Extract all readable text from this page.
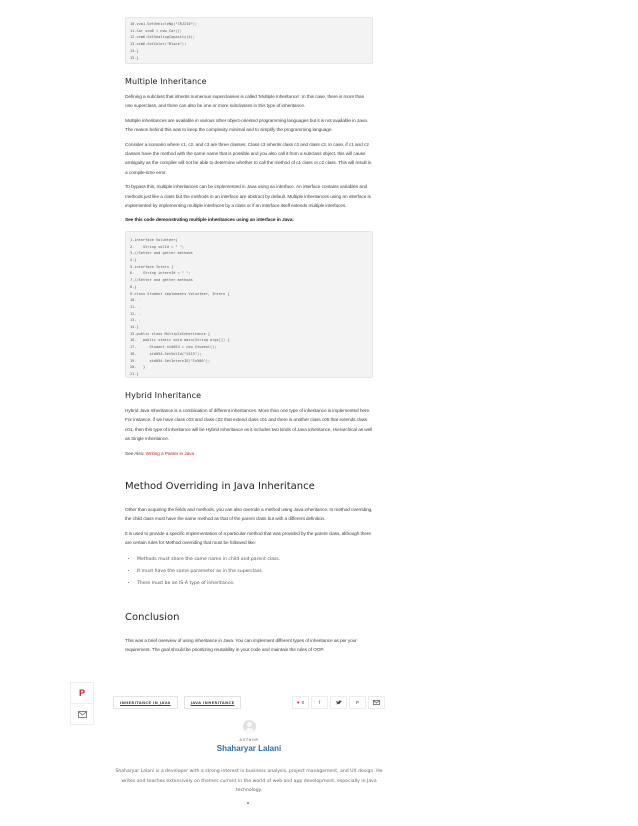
P
10.vcm1.SetVehicleNo("CRJ210");
11.Car vcm6 = new Car();
12.vcm6.SetSeatingCapacity(4);
13.vcm6.SetColor("Black");
14.}
15.}
Multiple Inheritance

Defining a subclass that inherits numerous superclasses is called 'Multiple Inheritance'. In this case, there is more than one superclass, and there can also be one or more subclasses in this type of inheritance.

Multiple inheritances are available in various other object-oriented programming languages but it is not available in Java. The reason behind this was to keep the complexity minimal and to simplify the programming language.

Consider a scenario where c1, c2, and c3 are three classes. Class c3 inherits class c2 and class c3. In case, if c1 and c2 classes have the method with the same name that is possible and you also call it from a subclass object, this will cause ambiguity as the compiler will not be able to determine whether to call the method of c1 class or c2 class. This will result in a compile-time error.

To bypass this, multiple inheritances can be implemented in Java using an interface. An interface contains variables and methods just like a class but the methods in an interface are abstract by default. Multiple inheritances using an interface is implemented by implementing multiple interfaces by a class or if an interface itself extends multiple interfaces.

See this code demonstrating multiple inheritances using an interface in Java:

1.interface Volunteer{
2.    String volId = " ";
3.//Setter and getter methods
4.}
5.interface Intern {
6.    String internId = " ";
7.//Setter and getter methods
8.}
9.class Student implements Volunteer, Intern {
10. .
11. .
12. .
13. .
14.}
15.public class MultipleInheritance {
16.   public static void main(String args[]) {
17.      Student std054 = new Student();
18.      std054.SetVolId("V415");
19.      std054.SetInternID("In580");
20.   }
21.}
Hybrid Inheritance

Hybrid Java Inheritance is a combination of different inheritances. More than one type of inheritance is implemented here. For instance, if we have class c03 and class c02 that extend class c01 and there is another class c05 that extends class c01, then this type of inheritance will be Hybrid Inheritance as it includes two kinds of Java inheritance, Hierarchical as well as Single Inheritance.

See Also: Writing a Parser in Java

Method Overriding in Java Inheritance

Other than acquiring the fields and methods, you can also override a method using Java inheritance. In method overriding, the child class must have the same method as that of the parent class but with a different definition.

It is used to provide a specific implementation of a particular method that was provided by the parent class, although there are certain rules for Method overriding that must be followed like:

• Methods must share the same name in child and parent class.
• It must have the same parameter as in the superclass.
• There must be an IS-A type of inheritance.
Conclusion

This was a brief overview of using inheritance in Java. You can implement different types of inheritance as per your requirement. The goal should be prioritizing reusability in your code and maintain the rules of OOP.

INHERITANCE IN JAVA	JAVA INHERITANCE	♥ 0	f	P
AUTHOR
Shaharyar Lalani
Shaharyar Lalani is a developer with a strong interest in business analysis, project management, and UX design. He writes and teaches extensively on themes current in the world of web and app development, especially in Java technology.
